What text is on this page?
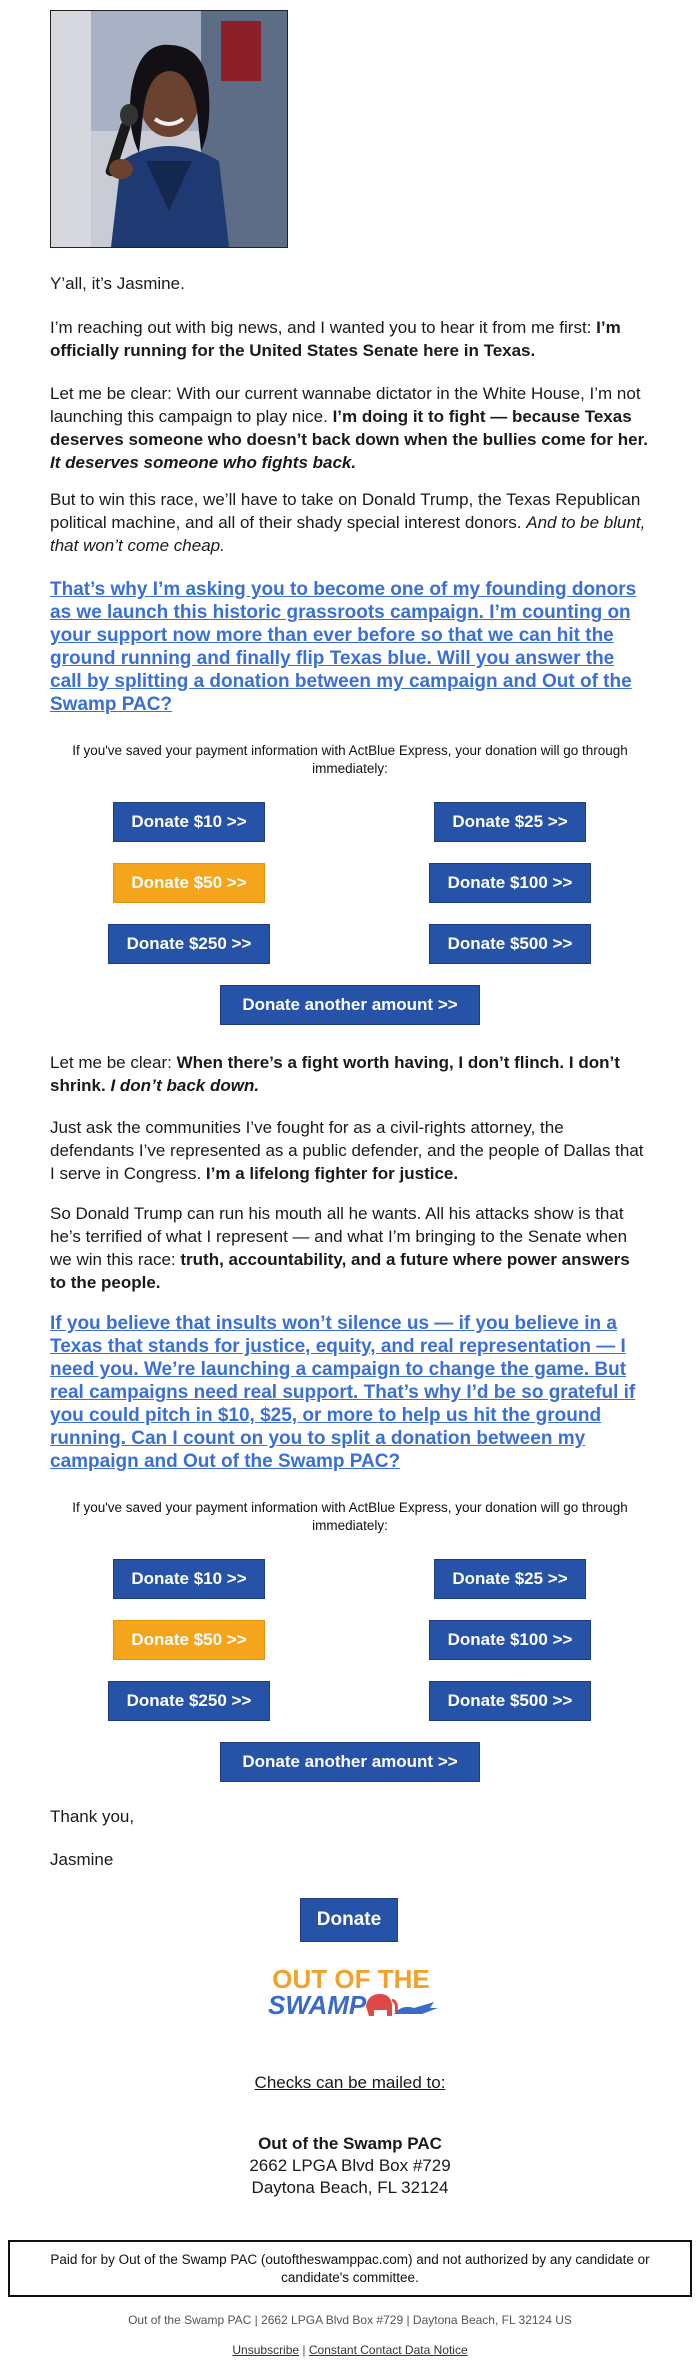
Y’all, it’s Jasmine.

I’m reaching out with big news, and I wanted you to hear it from me first: I’m officially running for the United States Senate here in Texas.

Let me be clear: With our current wannabe dictator in the White House, I’m not launching this campaign to play nice. I’m doing it to fight — because Texas deserves someone who doesn’t back down when the bullies come for her. It deserves someone who fights back.

But to win this race, we’ll have to take on Donald Trump, the Texas Republican political machine, and all of their shady special interest donors. And to be blunt, that won’t come cheap.

That’s why I’m asking you to become one of my founding donors as we launch this historic grassroots campaign. I’m counting on your support now more than ever before so that we can hit the ground running and finally flip Texas blue. Will you answer the call by splitting a donation between my campaign and Out of the Swamp PAC?

If you've saved your payment information with ActBlue Express, your donation will go through immediately:
Donate $10 >>	Donate $25 >>
Donate $50 >>	Donate $100 >>
Donate $250 >>	Donate $500 >>
Donate another amount >>

Let me be clear: When there’s a fight worth having, I don’t flinch. I don’t shrink. I don’t back down.

Just ask the communities I’ve fought for as a civil-rights attorney, the defendants I’ve represented as a public defender, and the people of Dallas that I serve in Congress. I’m a lifelong fighter for justice.

So Donald Trump can run his mouth all he wants. All his attacks show is that he’s terrified of what I represent — and what I’m bringing to the Senate when we win this race: truth, accountability, and a future where power answers to the people.

If you believe that insults won’t silence us — if you believe in a Texas that stands for justice, equity, and real representation — I need you. We’re launching a campaign to change the game. But real campaigns need real support. That’s why I’d be so grateful if you could pitch in $10, $25, or more to help us hit the ground running. Can I count on you to split a donation between my campaign and Out of the Swamp PAC?

If you've saved your payment information with ActBlue Express, your donation will go through immediately:
Donate $10 >>	Donate $25 >>
Donate $50 >>	Donate $100 >>
Donate $250 >>	Donate $500 >>
Donate another amount >>
Thank you,
Jasmine
Donate
OUT OF THE
SWAMP
Checks can be mailed to:
Out of the Swamp PAC
2662 LPGA Blvd Box #729
Daytona Beach, FL 32124
Paid for by Out of the Swamp PAC (outoftheswamppac.com) and not authorized by any candidate or candidate's committee.
Out of the Swamp PAC | 2662 LPGA Blvd Box #729 | Daytona Beach, FL 32124 US
Unsubscribe | Constant Contact Data Notice
